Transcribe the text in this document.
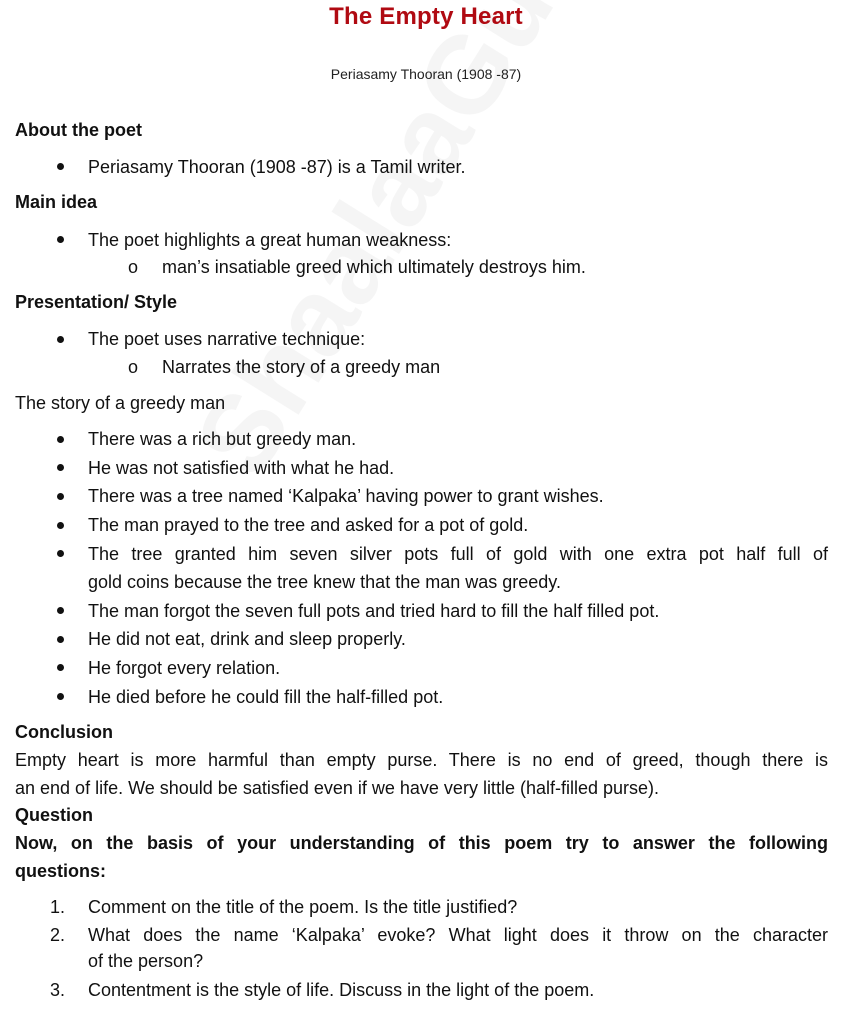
The Empty Heart
Periasamy Thooran (1908 -87)
About the poet
Periasamy Thooran (1908 -87) is a Tamil writer.
Main idea
The poet highlights a great human weakness:
o man’s insatiable greed which ultimately destroys him.
Presentation/ Style
The poet uses narrative technique:
o Narrates the story of a greedy man
The story of a greedy man
There was a rich but greedy man.
He was not satisfied with what he had.
There was a tree named ‘Kalpaka’ having power to grant wishes.
The man prayed to the tree and asked for a pot of gold.
The tree granted him seven silver pots full of gold with one extra pot half full of
gold coins because the tree knew that the man was greedy.
The man forgot the seven full pots and tried hard to fill the half filled pot.
He did not eat, drink and sleep properly.
He forgot every relation.
He died before he could fill the half-filled pot.
Conclusion
Empty heart is more harmful than empty purse. There is no end of greed, though there is
an end of life. We should be satisfied even if we have very little (half-filled purse).
Question
Now, on the basis of your understanding of this poem try to answer the following
questions:
1. Comment on the title of the poem. Is the title justified?
2. What does the name ‘Kalpaka’ evoke? What light does it throw on the character
of the person?
3. Contentment is the style of life. Discuss in the light of the poem.
